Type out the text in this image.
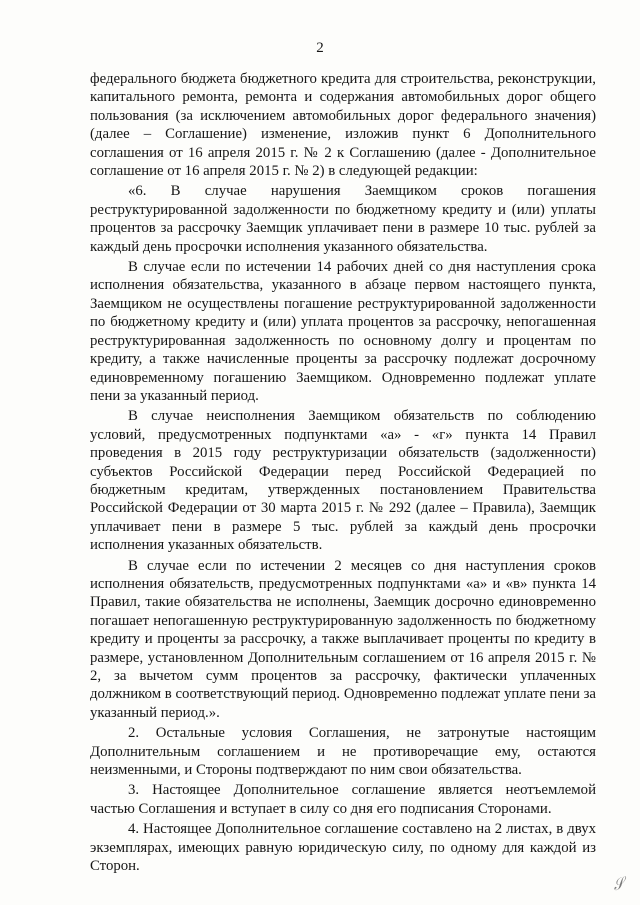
2

федерального бюджета бюджетного кредита для строительства, реконструкции, капитального ремонта, ремонта и содержания автомобильных дорог общего пользования (за исключением автомобильных дорог федерального значения) (далее – Соглашение) изменение, изложив пункт 6 Дополнительного соглашения от 16 апреля 2015 г. № 2 к Соглашению (далее - Дополнительное соглашение от 16 апреля 2015 г. № 2) в следующей редакции:

«6. В случае нарушения Заемщиком сроков погашения реструктурированной задолженности по бюджетному кредиту и (или) уплаты процентов за рассрочку Заемщик уплачивает пени в размере 10 тыс. рублей за каждый день просрочки исполнения указанного обязательства.

В случае если по истечении 14 рабочих дней со дня наступления срока исполнения обязательства, указанного в абзаце первом настоящего пункта, Заемщиком не осуществлены погашение реструктурированной задолженности по бюджетному кредиту и (или) уплата процентов за рассрочку, непогашенная реструктурированная задолженность по основному долгу и процентам по кредиту, а также начисленные проценты за рассрочку подлежат досрочному единовременному погашению Заемщиком. Одновременно подлежат уплате пени за указанный период.

В случае неисполнения Заемщиком обязательств по соблюдению условий, предусмотренных подпунктами «а» - «г» пункта 14 Правил проведения в 2015 году реструктуризации обязательств (задолженности) субъектов Российской Федерации перед Российской Федерацией по бюджетным кредитам, утвержденных постановлением Правительства Российской Федерации от 30 марта 2015 г. № 292 (далее – Правила), Заемщик уплачивает пени в размере 5 тыс. рублей за каждый день просрочки исполнения указанных обязательств.

В случае если по истечении 2 месяцев со дня наступления сроков исполнения обязательств, предусмотренных подпунктами «а» и «в» пункта 14 Правил, такие обязательства не исполнены, Заемщик досрочно единовременно погашает непогашенную реструктурированную задолженность по бюджетному кредиту и проценты за рассрочку, а также выплачивает проценты по кредиту в размере, установленном Дополнительным соглашением от 16 апреля 2015 г. № 2, за вычетом сумм процентов за рассрочку, фактически уплаченных должником в соответствующий период. Одновременно подлежат уплате пени за указанный период.».

2. Остальные условия Соглашения, не затронутые настоящим Дополнительным соглашением и не противоречащие ему, остаются неизменными, и Стороны подтверждают по ним свои обязательства.

3. Настоящее Дополнительное соглашение является неотъемлемой частью Соглашения и вступает в силу со дня его подписания Сторонами.

4. Настоящее Дополнительное соглашение составлено на 2 листах, в двух экземплярах, имеющих равную юридическую силу, по одному для каждой из Сторон.

𝒮
